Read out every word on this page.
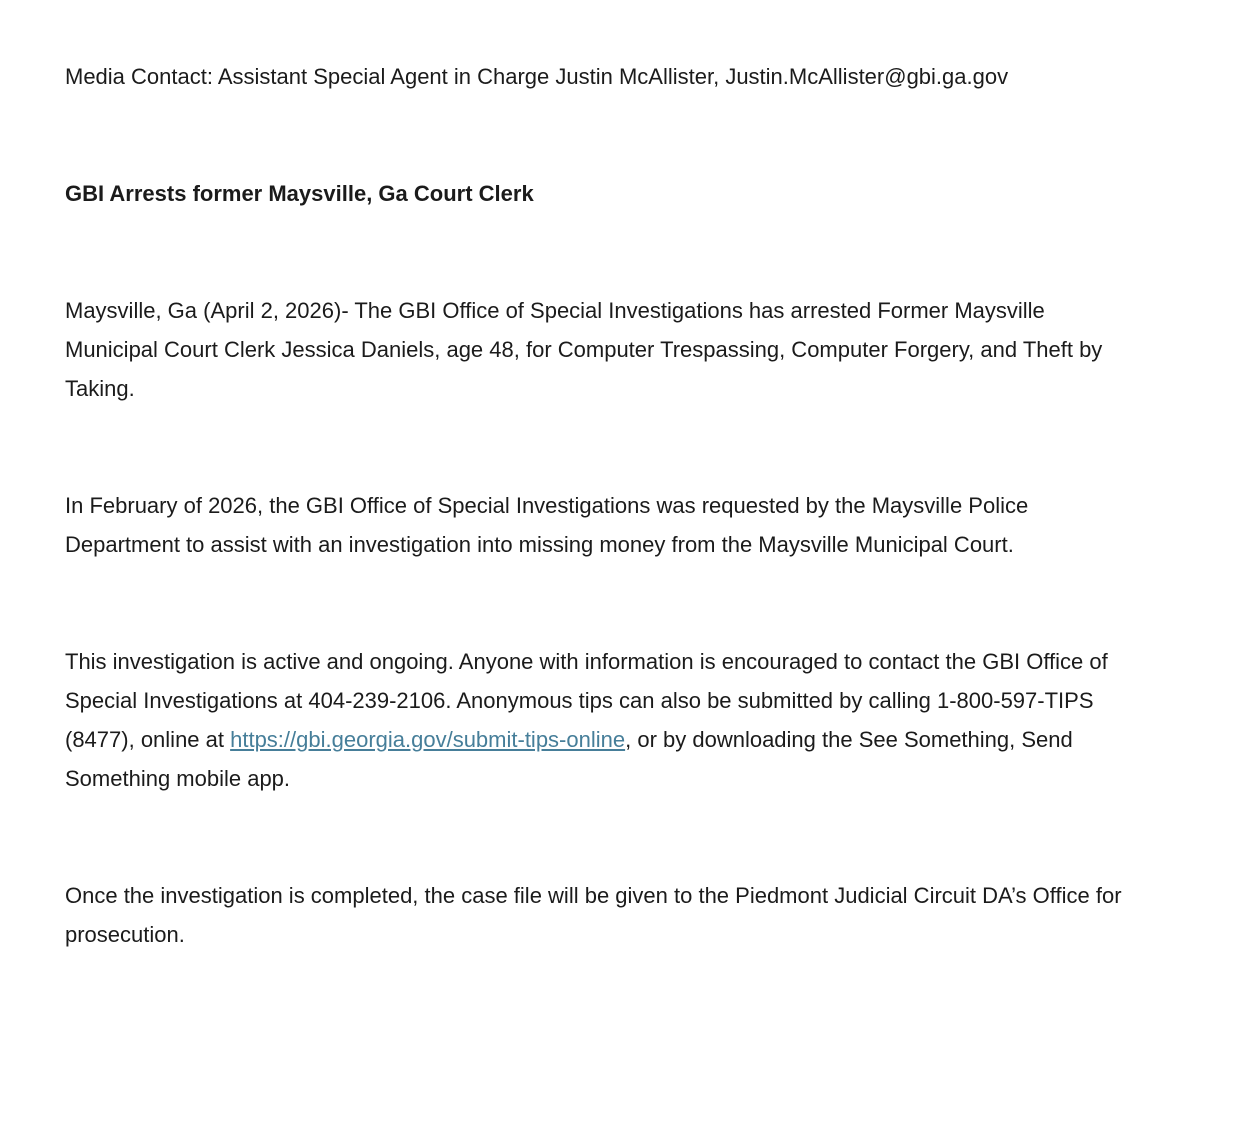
Media Contact: Assistant Special Agent in Charge Justin McAllister, Justin.McAllister@gbi.ga.gov

GBI Arrests former Maysville, Ga Court Clerk

Maysville, Ga (April 2, 2026)- The GBI Office of Special Investigations has arrested Former Maysville Municipal Court Clerk Jessica Daniels, age 48, for Computer Trespassing, Computer Forgery, and Theft by Taking.

In February of 2026, the GBI Office of Special Investigations was requested by the Maysville Police Department to assist with an investigation into missing money from the Maysville Municipal Court.

This investigation is active and ongoing. Anyone with information is encouraged to contact the GBI Office of Special Investigations at 404-239-2106. Anonymous tips can also be submitted by calling 1-800-597-TIPS (8477), online at https://gbi.georgia.gov/submit-tips-online, or by downloading the See Something, Send Something mobile app.

Once the investigation is completed, the case file will be given to the Piedmont Judicial Circuit DA’s Office for prosecution.
